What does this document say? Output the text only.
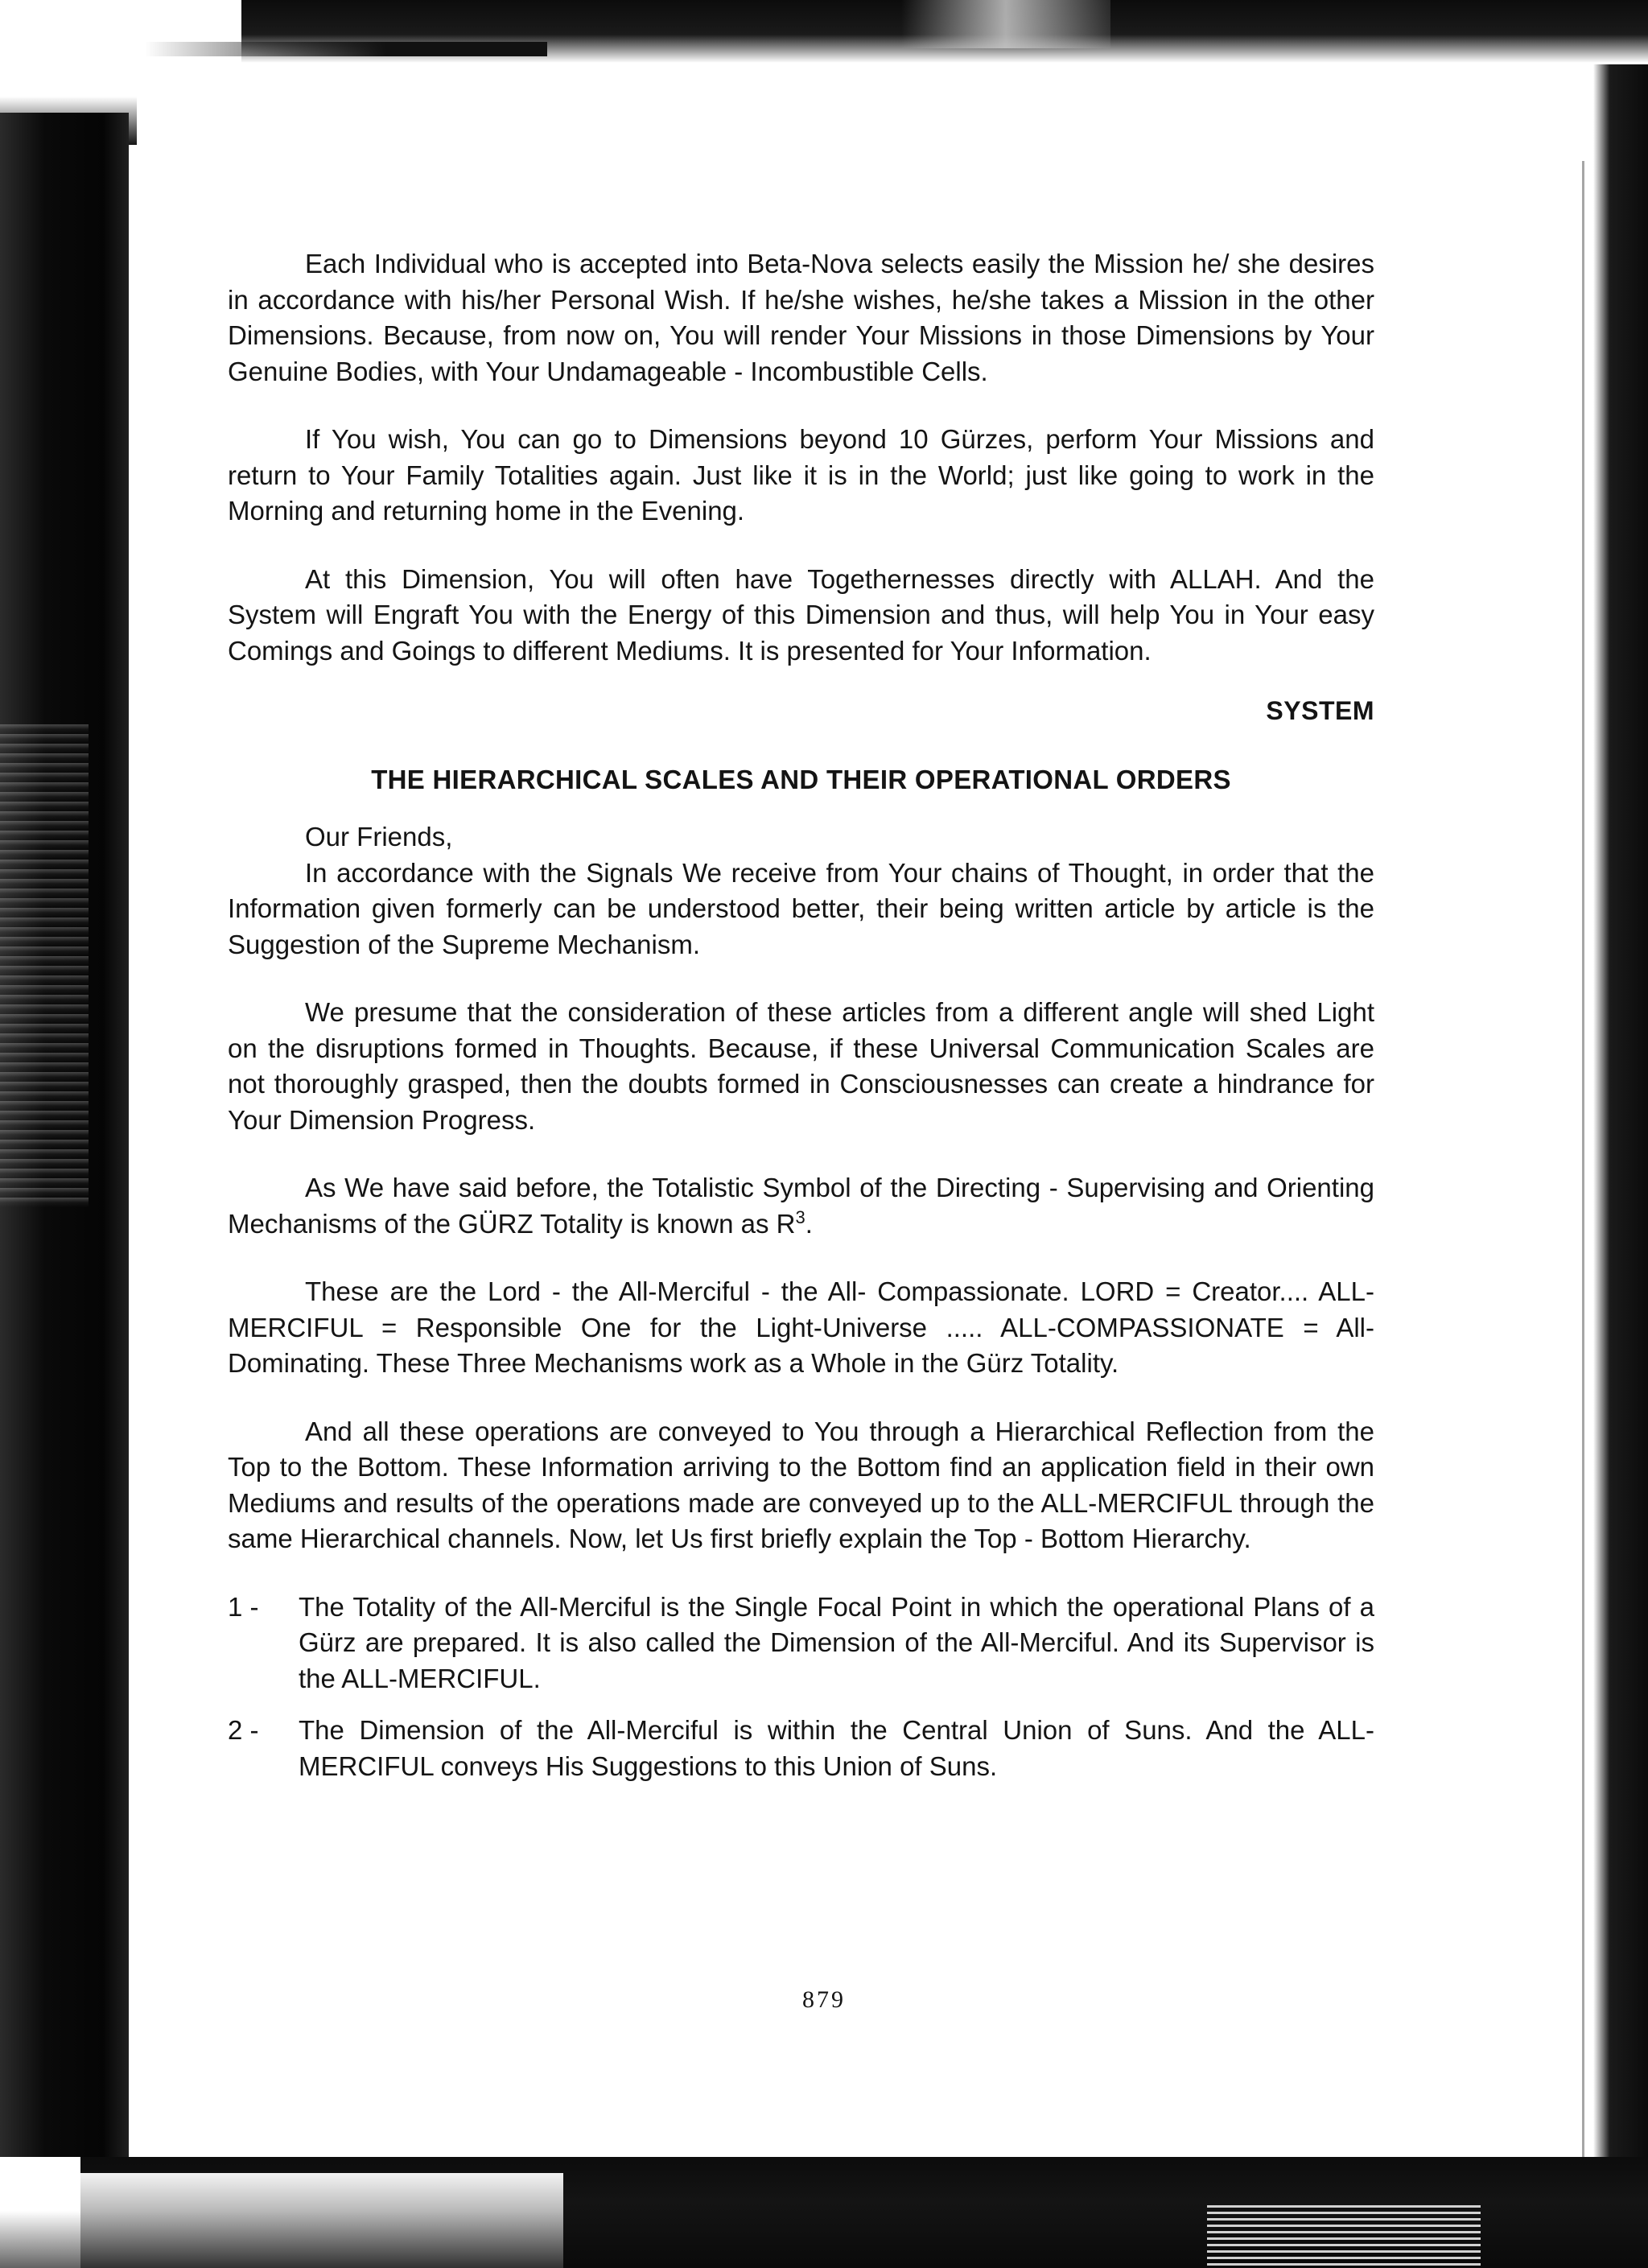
Each Individual who is accepted into Beta-Nova selects easily the Mission he/ she desires in accordance with his/her Personal Wish. If he/she wishes, he/she takes a Mission in the other Dimensions. Because, from now on, You will render Your Missions in those Dimensions by Your Genuine Bodies, with Your Undamageable - Incombustible Cells.

If You wish, You can go to Dimensions beyond 10 Gürzes, perform Your Missions and return to Your Family Totalities again. Just like it is in the World; just like going to work in the Morning and returning home in the Evening.

At this Dimension, You will often have Togethernesses directly with ALLAH. And the System will Engraft You with the Energy of this Dimension and thus, will help You in Your easy Comings and Goings to different Mediums. It is presented for Your Information.

SYSTEM
THE HIERARCHICAL SCALES AND THEIR OPERATIONAL ORDERS
Our Friends,

In accordance with the Signals We receive from Your chains of Thought, in order that the Information given formerly can be understood better, their being written article by article is the Suggestion of the Supreme Mechanism.

We presume that the consideration of these articles from a different angle will shed Light on the disruptions formed in Thoughts. Because, if these Universal Communication Scales are not thoroughly grasped, then the doubts formed in Consciousnesses can create a hindrance for Your Dimension Progress.

As We have said before, the Totalistic Symbol of the Directing - Supervising and Orienting Mechanisms of the GÜRZ Totality is known as $R^3$.

These are the Lord - the All-Merciful - the All- Compassionate. LORD = Creator.... ALL-MERCIFUL = Responsible One for the Light-Universe ..... ALL-COMPASSIONATE = All-Dominating. These Three Mechanisms work as a Whole in the Gürz Totality.

And all these operations are conveyed to You through a Hierarchical Reflection from the Top to the Bottom. These Information arriving to the Bottom find an application field in their own Mediums and results of the operations made are conveyed up to the ALL-MERCIFUL through the same Hierarchical channels. Now, let Us first briefly explain the Top - Bottom Hierarchy.

1 -	The Totality of the All-Merciful is the Single Focal Point in which the operational Plans of a Gürz are prepared. It is also called the Dimension of the All-Merciful. And its Supervisor is the ALL-MERCIFUL.
2 -	The Dimension of the All-Merciful is within the Central Union of Suns. And the ALL-MERCIFUL conveys His Suggestions to this Union of Suns.
879
